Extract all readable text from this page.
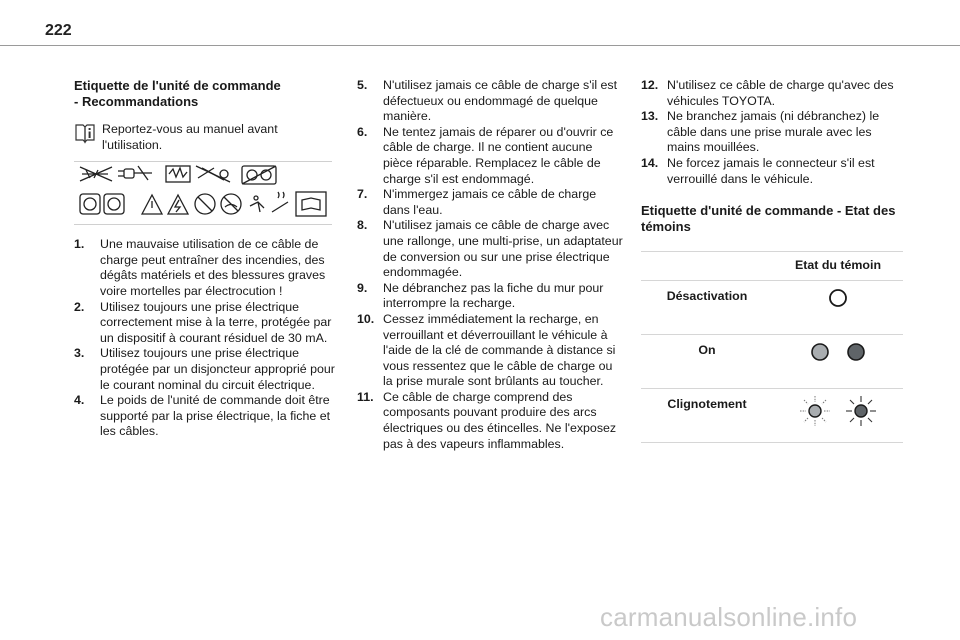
222
Etiquette de l'unité de commande
- Recommandations
Reportez-vous au manuel avant l'utilisation.
1.	Une mauvaise utilisation de ce câble de charge peut entraîner des incendies, des dégâts matériels et des blessures graves voire mortelles par électrocution !
2.	Utilisez toujours une prise électrique correctement mise à la terre, protégée par un dispositif à courant résiduel de 30 mA.
3.	Utilisez toujours une prise électrique protégée par un disjoncteur approprié pour le courant nominal du circuit électrique.
4.	Le poids de l'unité de commande doit être supporté par la prise électrique, la fiche et les câbles.
5.	N'utilisez jamais ce câble de charge s'il est défectueux ou endommagé de quelque manière.
6.	Ne tentez jamais de réparer ou d'ouvrir ce câble de charge. Il ne contient aucune pièce réparable. Remplacez le câble de charge s'il est endommagé.
7.	N'immergez jamais ce câble de charge dans l'eau.
8.	N'utilisez jamais ce câble de charge avec une rallonge, une multi-prise, un adaptateur de conversion ou sur une prise électrique endommagée.
9.	Ne débranchez pas la fiche du mur pour interrompre la recharge.
10. Cessez immédiatement la recharge, en verrouillant et déverrouillant le véhicule à l'aide de la clé de commande à distance si vous ressentez que le câble de charge ou la prise murale sont brûlants au toucher.
11. Ce câble de charge comprend des composants pouvant produire des arcs électriques ou des étincelles. Ne l'exposez pas à des vapeurs inflammables.
12. N'utilisez ce câble de charge qu'avec des véhicules TOYOTA.
13. Ne branchez jamais (ni débranchez) le câble dans une prise murale avec les mains mouillées.
14. Ne forcez jamais le connecteur s'il est verrouillé dans le véhicule.
Etiquette d'unité de commande - Etat des témoins
	Etat du témoin
Désactivation	
On	

Clignotement	
carmanualsonline.info
